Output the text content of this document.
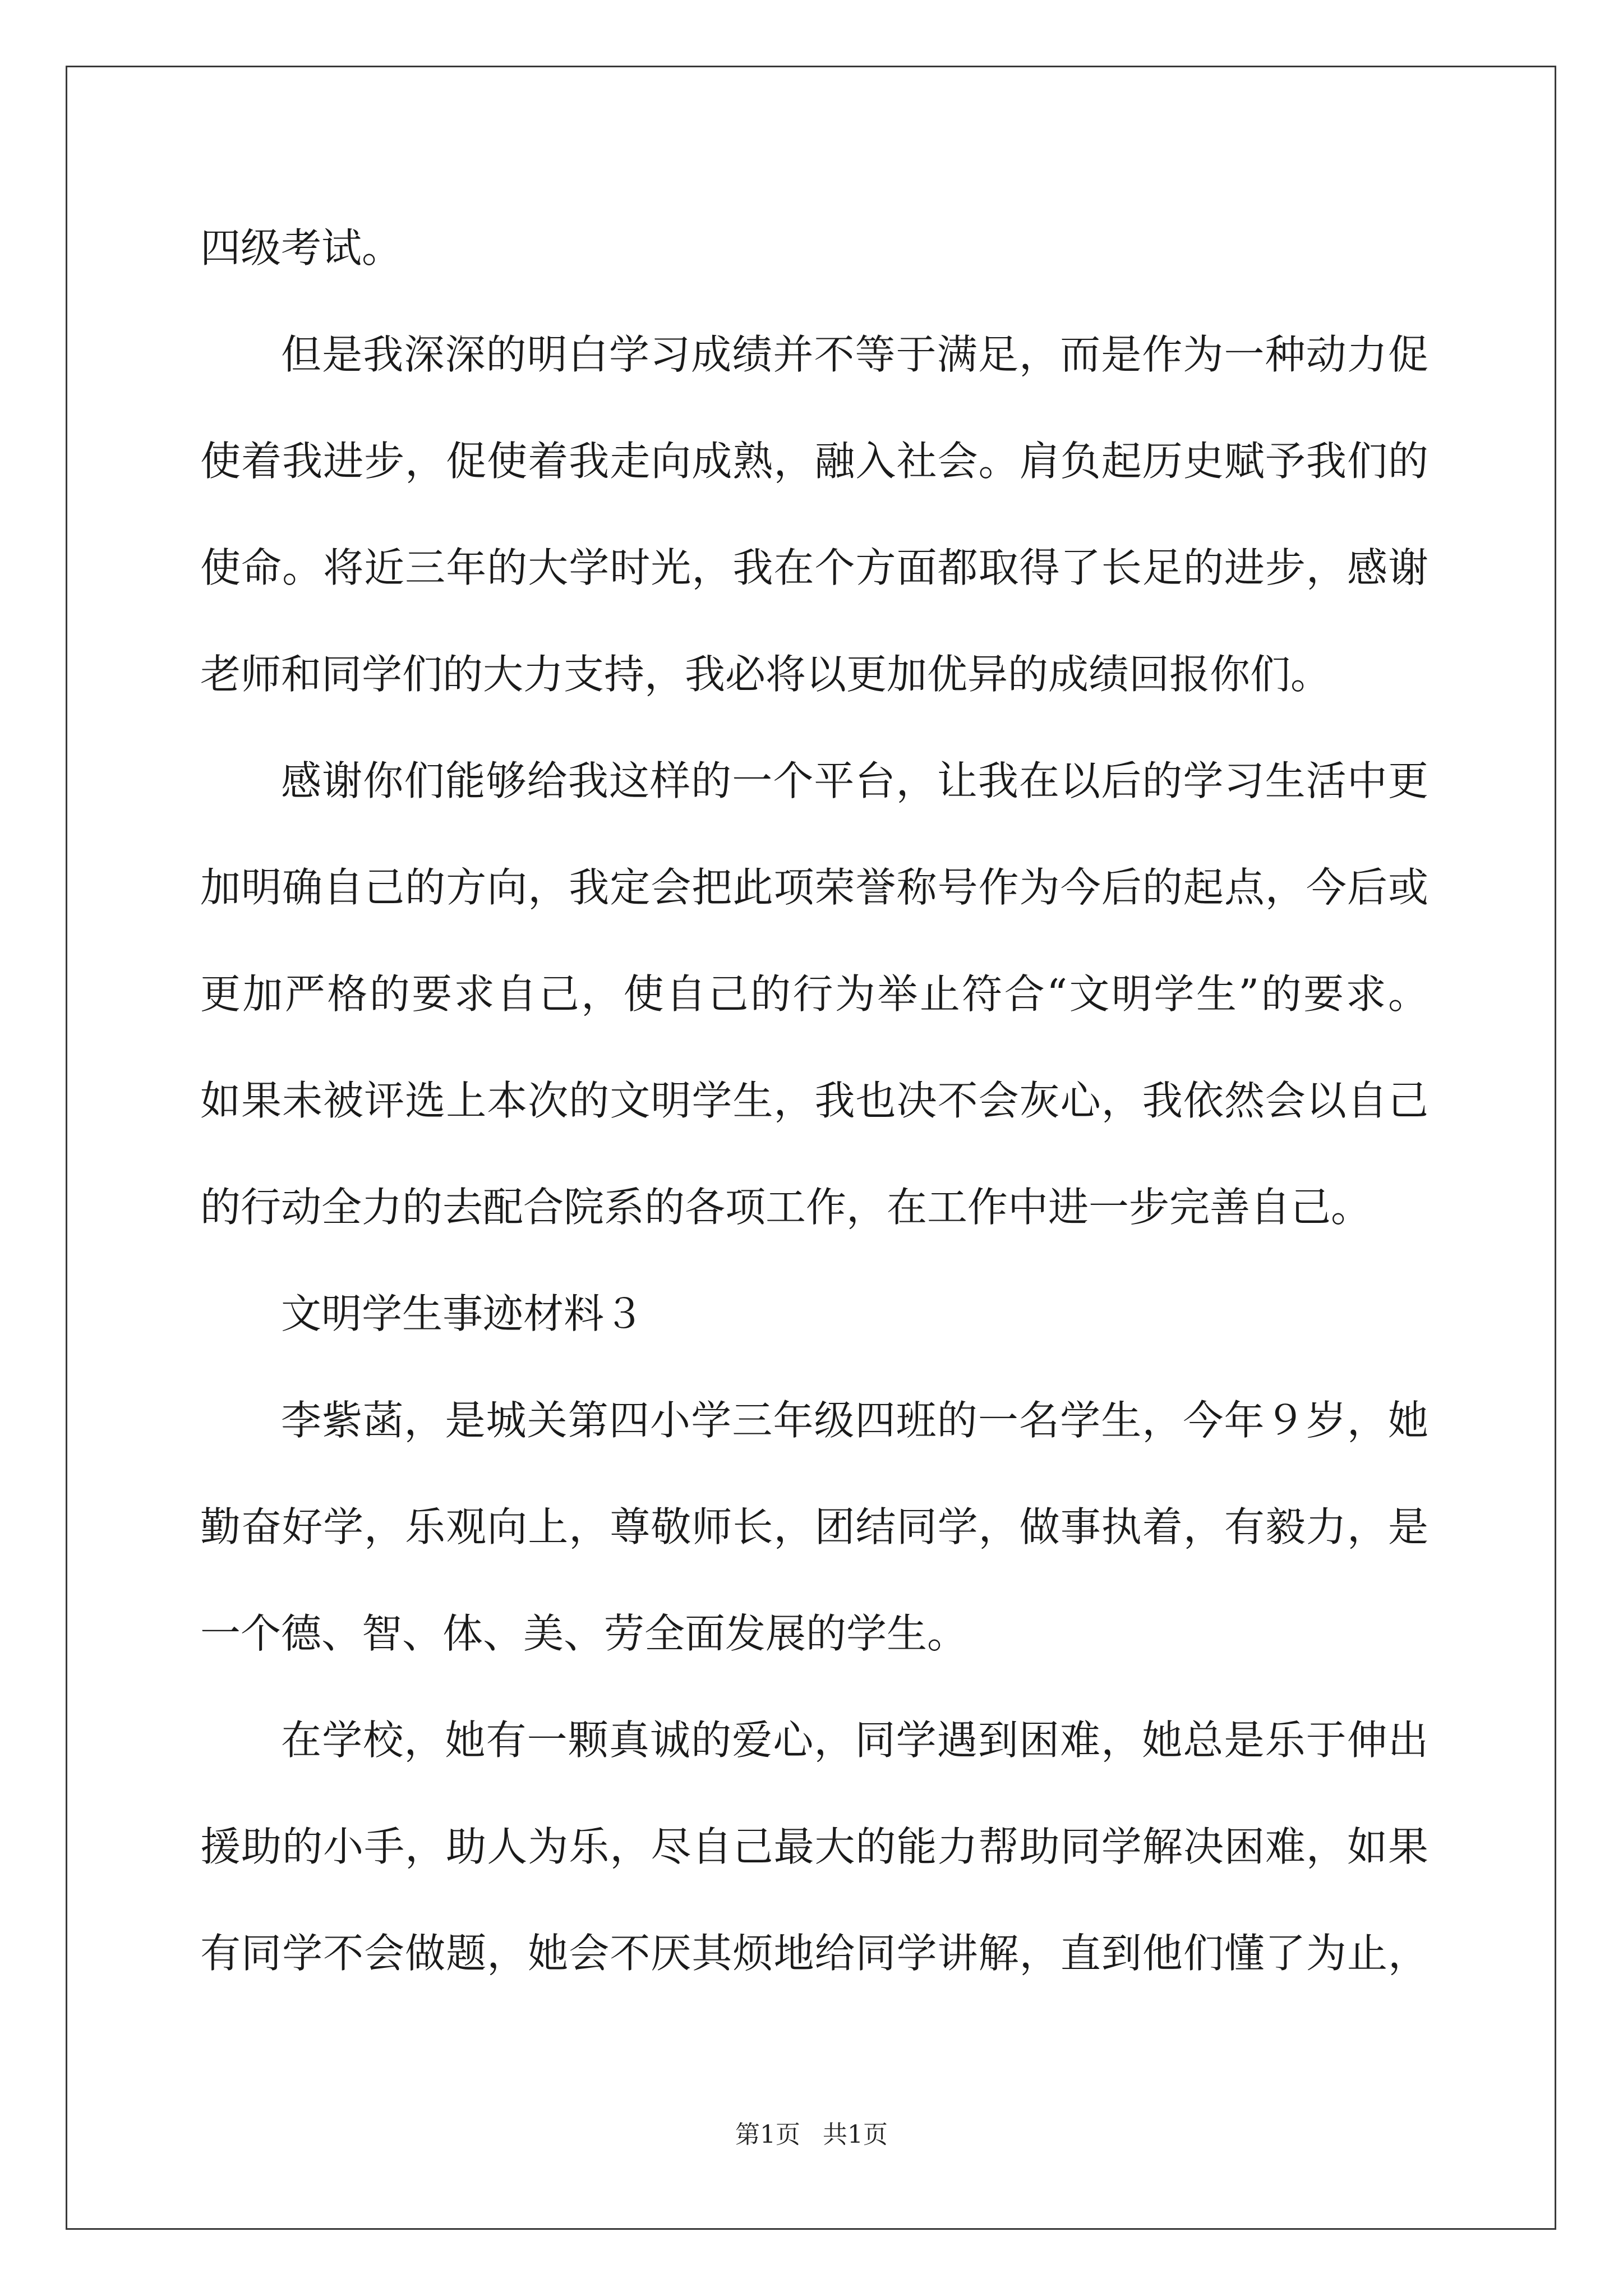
四级考试。
但是我深深的明白学习成绩并不等于满足，而是作为一种动力促
使着我进步，促使着我走向成熟，融入社会。肩负起历史赋予我们的
使命。将近三年的大学时光，我在个方面都取得了长足的进步，感谢
老师和同学们的大力支持，我必将以更加优异的成绩回报你们。
感谢你们能够给我这样的一个平台，让我在以后的学习生活中更
加明确自己的方向，我定会把此项荣誉称号作为今后的起点，今后或
更加严格的要求自己，使自己的行为举止符合“文明学生”的要求。
如果未被评选上本次的文明学生，我也决不会灰心，我依然会以自己
的行动全力的去配合院系的各项工作，在工作中进一步完善自己。
文明学生事迹材料３
李紫菡，是城关第四小学三年级四班的一名学生，今年９岁，她
勤奋好学，乐观向上，尊敬师长，团结同学，做事执着，有毅力，是
一个德、智、体、美、劳全面发展的学生。
在学校，她有一颗真诚的爱心，同学遇到困难，她总是乐于伸出
援助的小手，助人为乐，尽自己最大的能力帮助同学解决困难，如果
有同学不会做题，她会不厌其烦地给同学讲解，直到他们懂了为止，
第1页 共1页
